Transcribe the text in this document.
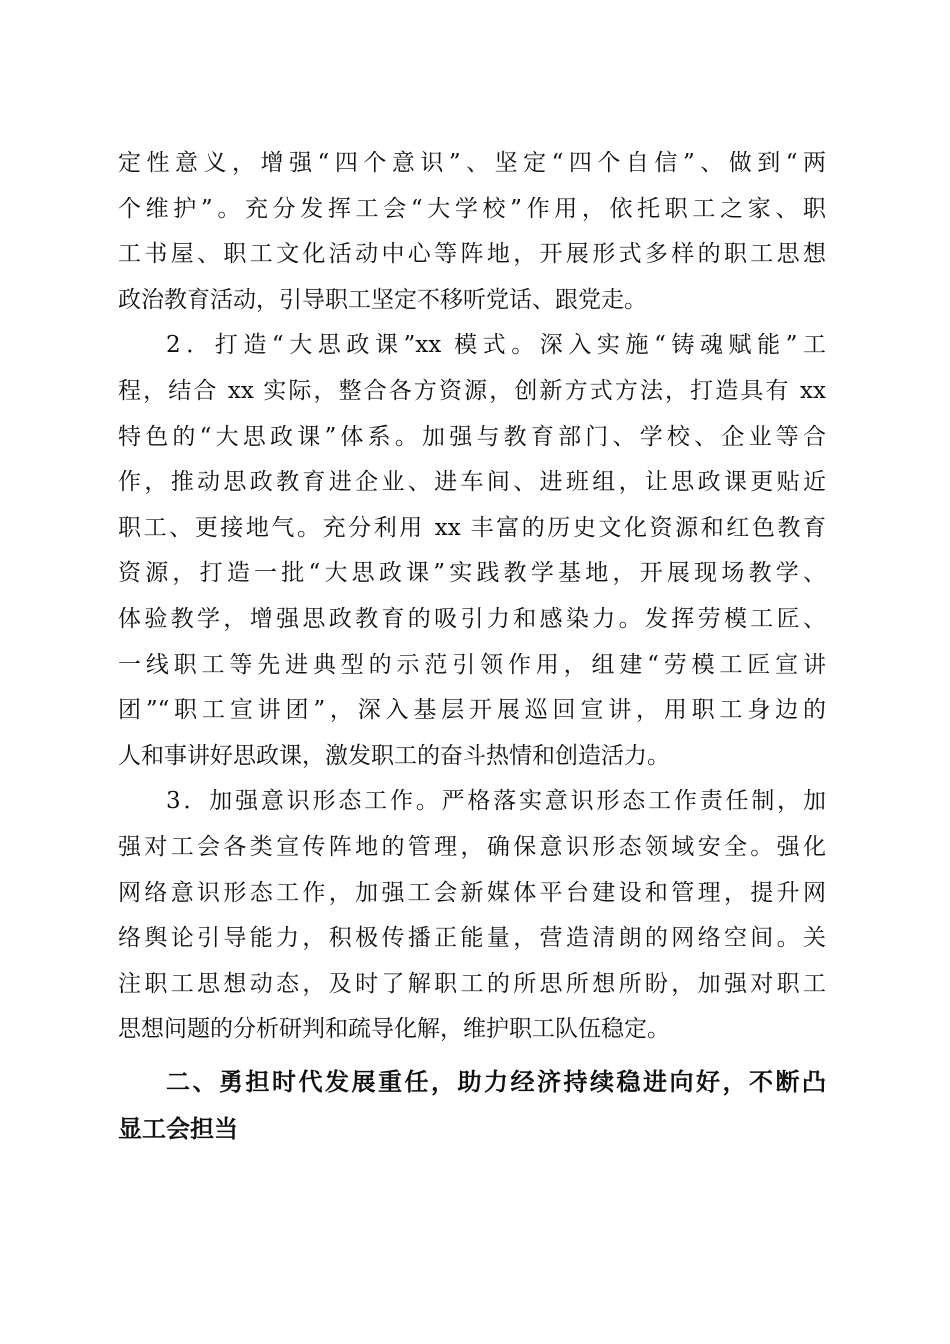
定性意义，增强“四个意识”、坚定“四个自信”、做到“两
个维护”。充分发挥工会“大学校”作用，依托职工之家、职
工书屋、职工文化活动中心等阵地，开展形式多样的职工思想
政治教育活动，引导职工坚定不移听党话、跟党走。
2．打造“大思政课”xx 模式。深入实施“铸魂赋能”工
程，结合 xx 实际，整合各方资源，创新方式方法，打造具有 xx
特色的“大思政课”体系。加强与教育部门、学校、企业等合
作，推动思政教育进企业、进车间、进班组，让思政课更贴近
职工、更接地气。充分利用 xx 丰富的历史文化资源和红色教育
资源，打造一批“大思政课”实践教学基地，开展现场教学、
体验教学，增强思政教育的吸引力和感染力。发挥劳模工匠、
一线职工等先进典型的示范引领作用，组建“劳模工匠宣讲
团”“职工宣讲团”，深入基层开展巡回宣讲，用职工身边的
人和事讲好思政课，激发职工的奋斗热情和创造活力。
3．加强意识形态工作。严格落实意识形态工作责任制，加
强对工会各类宣传阵地的管理，确保意识形态领域安全。强化
网络意识形态工作，加强工会新媒体平台建设和管理，提升网
络舆论引导能力，积极传播正能量，营造清朗的网络空间。关
注职工思想动态，及时了解职工的所思所想所盼，加强对职工
思想问题的分析研判和疏导化解，维护职工队伍稳定。
二、勇担时代发展重任，助力经济持续稳进向好，不断凸
显工会担当
